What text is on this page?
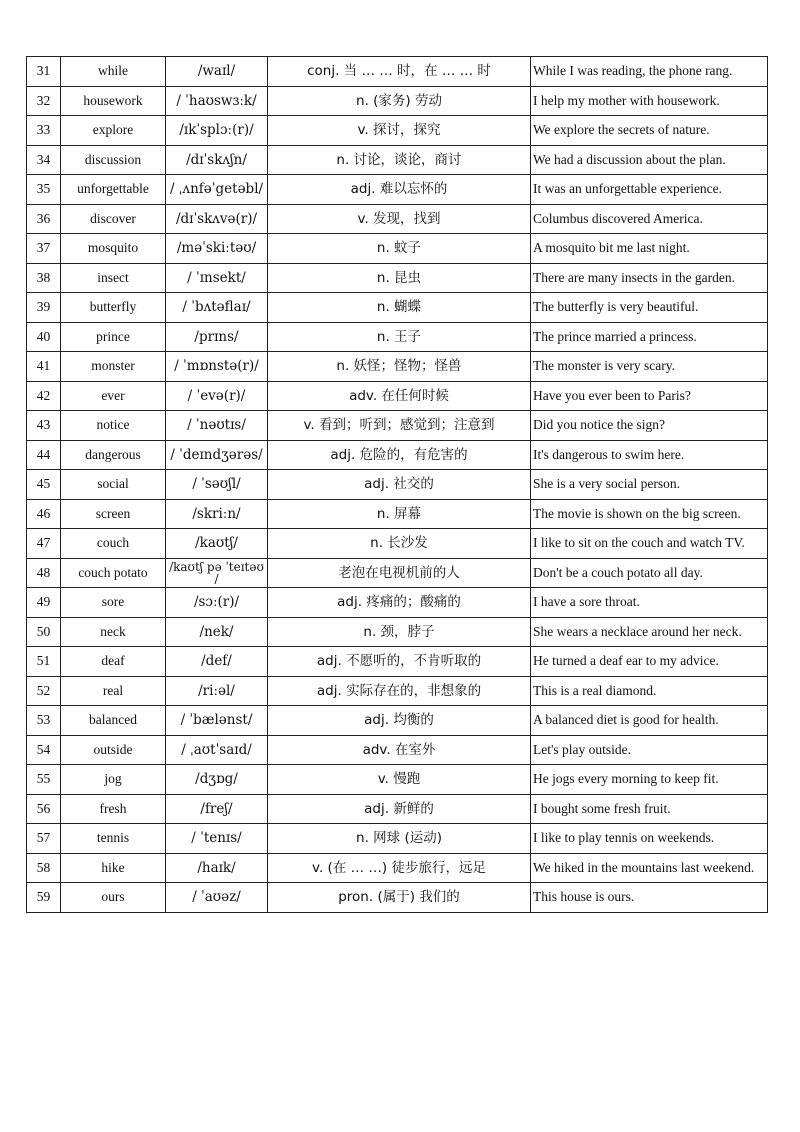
31	while	/waɪl/	conj. 当 … … 时，在 … … 时	While I was reading, the phone rang.
32	housework	/ ˈhaʊswɜːk/	n. (家务) 劳动	I help my mother with housework.
33	explore	/ɪkˈsplɔː(r)/	v. 探讨，探究	We explore the secrets of nature.
34	discussion	/dɪˈskʌʃn/	n. 讨论，谈论，商讨	We had a discussion about the plan.
35	unforgettable	/ ˌʌnfəˈgetəbl/	adj. 难以忘怀的	It was an unforgettable experience.
36	discover	/dɪˈskʌvə(r)/	v. 发现，找到	Columbus discovered America.
37	mosquito	/məˈskiːtəʊ/	n. 蚊子	A mosquito bit me last night.
38	insect	/ ˈɪnsekt/	n. 昆虫	There are many insects in the garden.
39	butterfly	/ ˈbʌtəflaɪ/	n. 蝴蝶	The butterfly is very beautiful.
40	prince	/prɪns/	n. 王子	The prince married a princess.
41	monster	/ ˈmɒnstə(r)/	n. 妖怪；怪物；怪兽	The monster is very scary.
42	ever	/ ˈevə(r)/	adv. 在任何时候	Have you ever been to Paris?
43	notice	/ ˈnəʊtɪs/	v. 看到；听到；感觉到；注意到	Did you notice the sign?
44	dangerous	/ ˈdeɪndʒərəs/	adj. 危险的，有危害的	It's dangerous to swim here.
45	social	/ ˈsəʊʃl/	adj. 社交的	She is a very social person.
46	screen	/skriːn/	n. 屏幕	The movie is shown on the big screen.
47	couch	/kaʊtʃ/	n. 长沙发	I like to sit on the couch and watch TV.
48	couch potato	/kaʊtʃ pə ˈteɪtəʊ /	老泡在电视机前的人	Don't be a couch potato all day.
49	sore	/sɔː(r)/	adj. 疼痛的；酸痛的	I have a sore throat.
50	neck	/nek/	n. 颈，脖子	She wears a necklace around her neck.
51	deaf	/def/	adj. 不愿听的，不肯听取的	He turned a deaf ear to my advice.
52	real	/riːəl/	adj. 实际存在的，非想象的	This is a real diamond.
53	balanced	/ ˈbælənst/	adj. 均衡的	A balanced diet is good for health.
54	outside	/ ˌaʊtˈsaɪd/	adv. 在室外	Let's play outside.
55	jog	/dʒɒg/	v. 慢跑	He jogs every morning to keep fit.
56	fresh	/freʃ/	adj. 新鲜的	I bought some fresh fruit.
57	tennis	/ ˈtenɪs/	n. 网球 (运动)	I like to play tennis on weekends.
58	hike	/haɪk/	v. (在 … …) 徒步旅行，远足	We hiked in the mountains last weekend.
59	ours	/ ˈaʊəz/	pron. (属于) 我们的	This house is ours.
